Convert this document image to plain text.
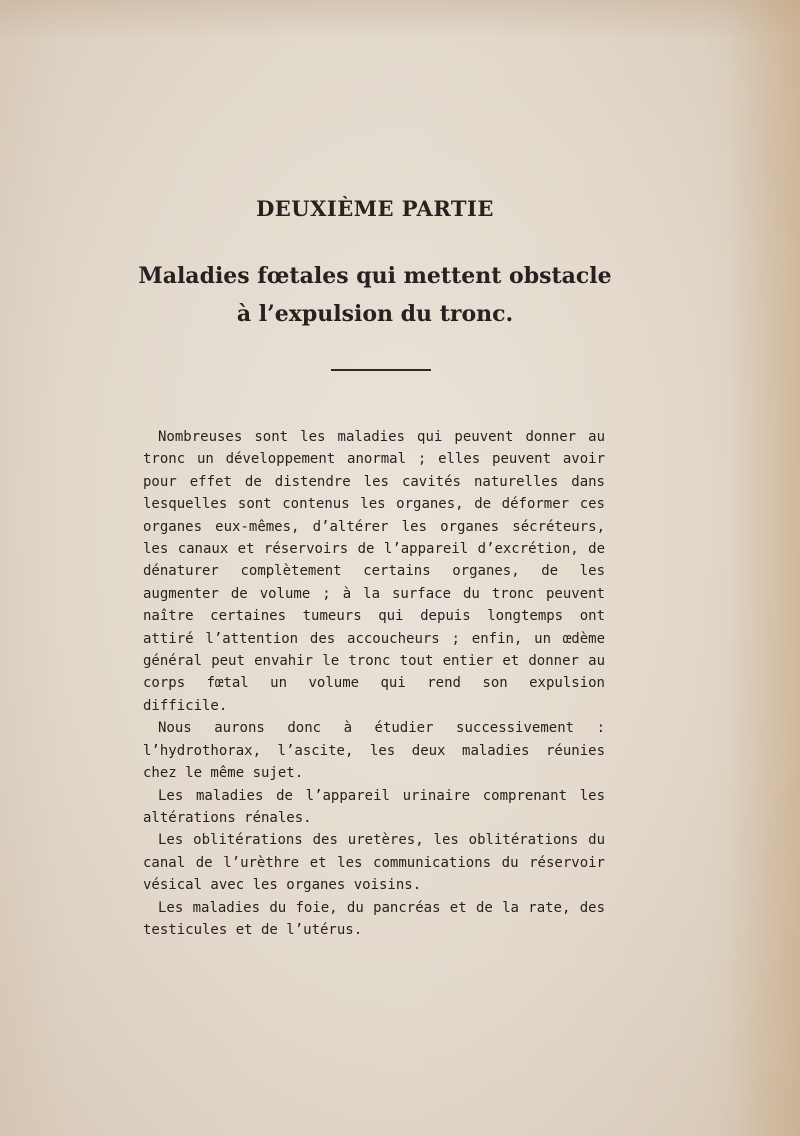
DEUXIÈME PARTIE
Maladies fœtales qui mettent obstacle
à l’expulsion du tronc.

Nombreuses sont les maladies qui peuvent donner au tronc un développement anormal ; elles peuvent avoir pour effet de distendre les cavités naturelles dans lesquelles sont contenus les organes, de déformer ces organes eux-mêmes, d’altérer les organes sécréteurs, les canaux et réservoirs de l’appareil d’excrétion, de dénaturer complètement certains organes, de les augmenter de volume ; à la surface du tronc peuvent naître certaines tumeurs qui depuis longtemps ont attiré l’attention des accoucheurs ; enfin, un œdème général peut envahir le tronc tout entier et donner au corps fœtal un volume qui rend son expulsion difficile.

Nous aurons donc à étudier successivement : l’hydrothorax, l’ascite, les deux maladies réunies chez le même sujet.

Les maladies de l’appareil urinaire comprenant les altérations rénales.

Les oblitérations des uretères, les oblitérations du canal de l’urèthre et les communications du réservoir vésical avec les organes voisins.

Les maladies du foie, du pancréas et de la rate, des testicules et de l’utérus.
